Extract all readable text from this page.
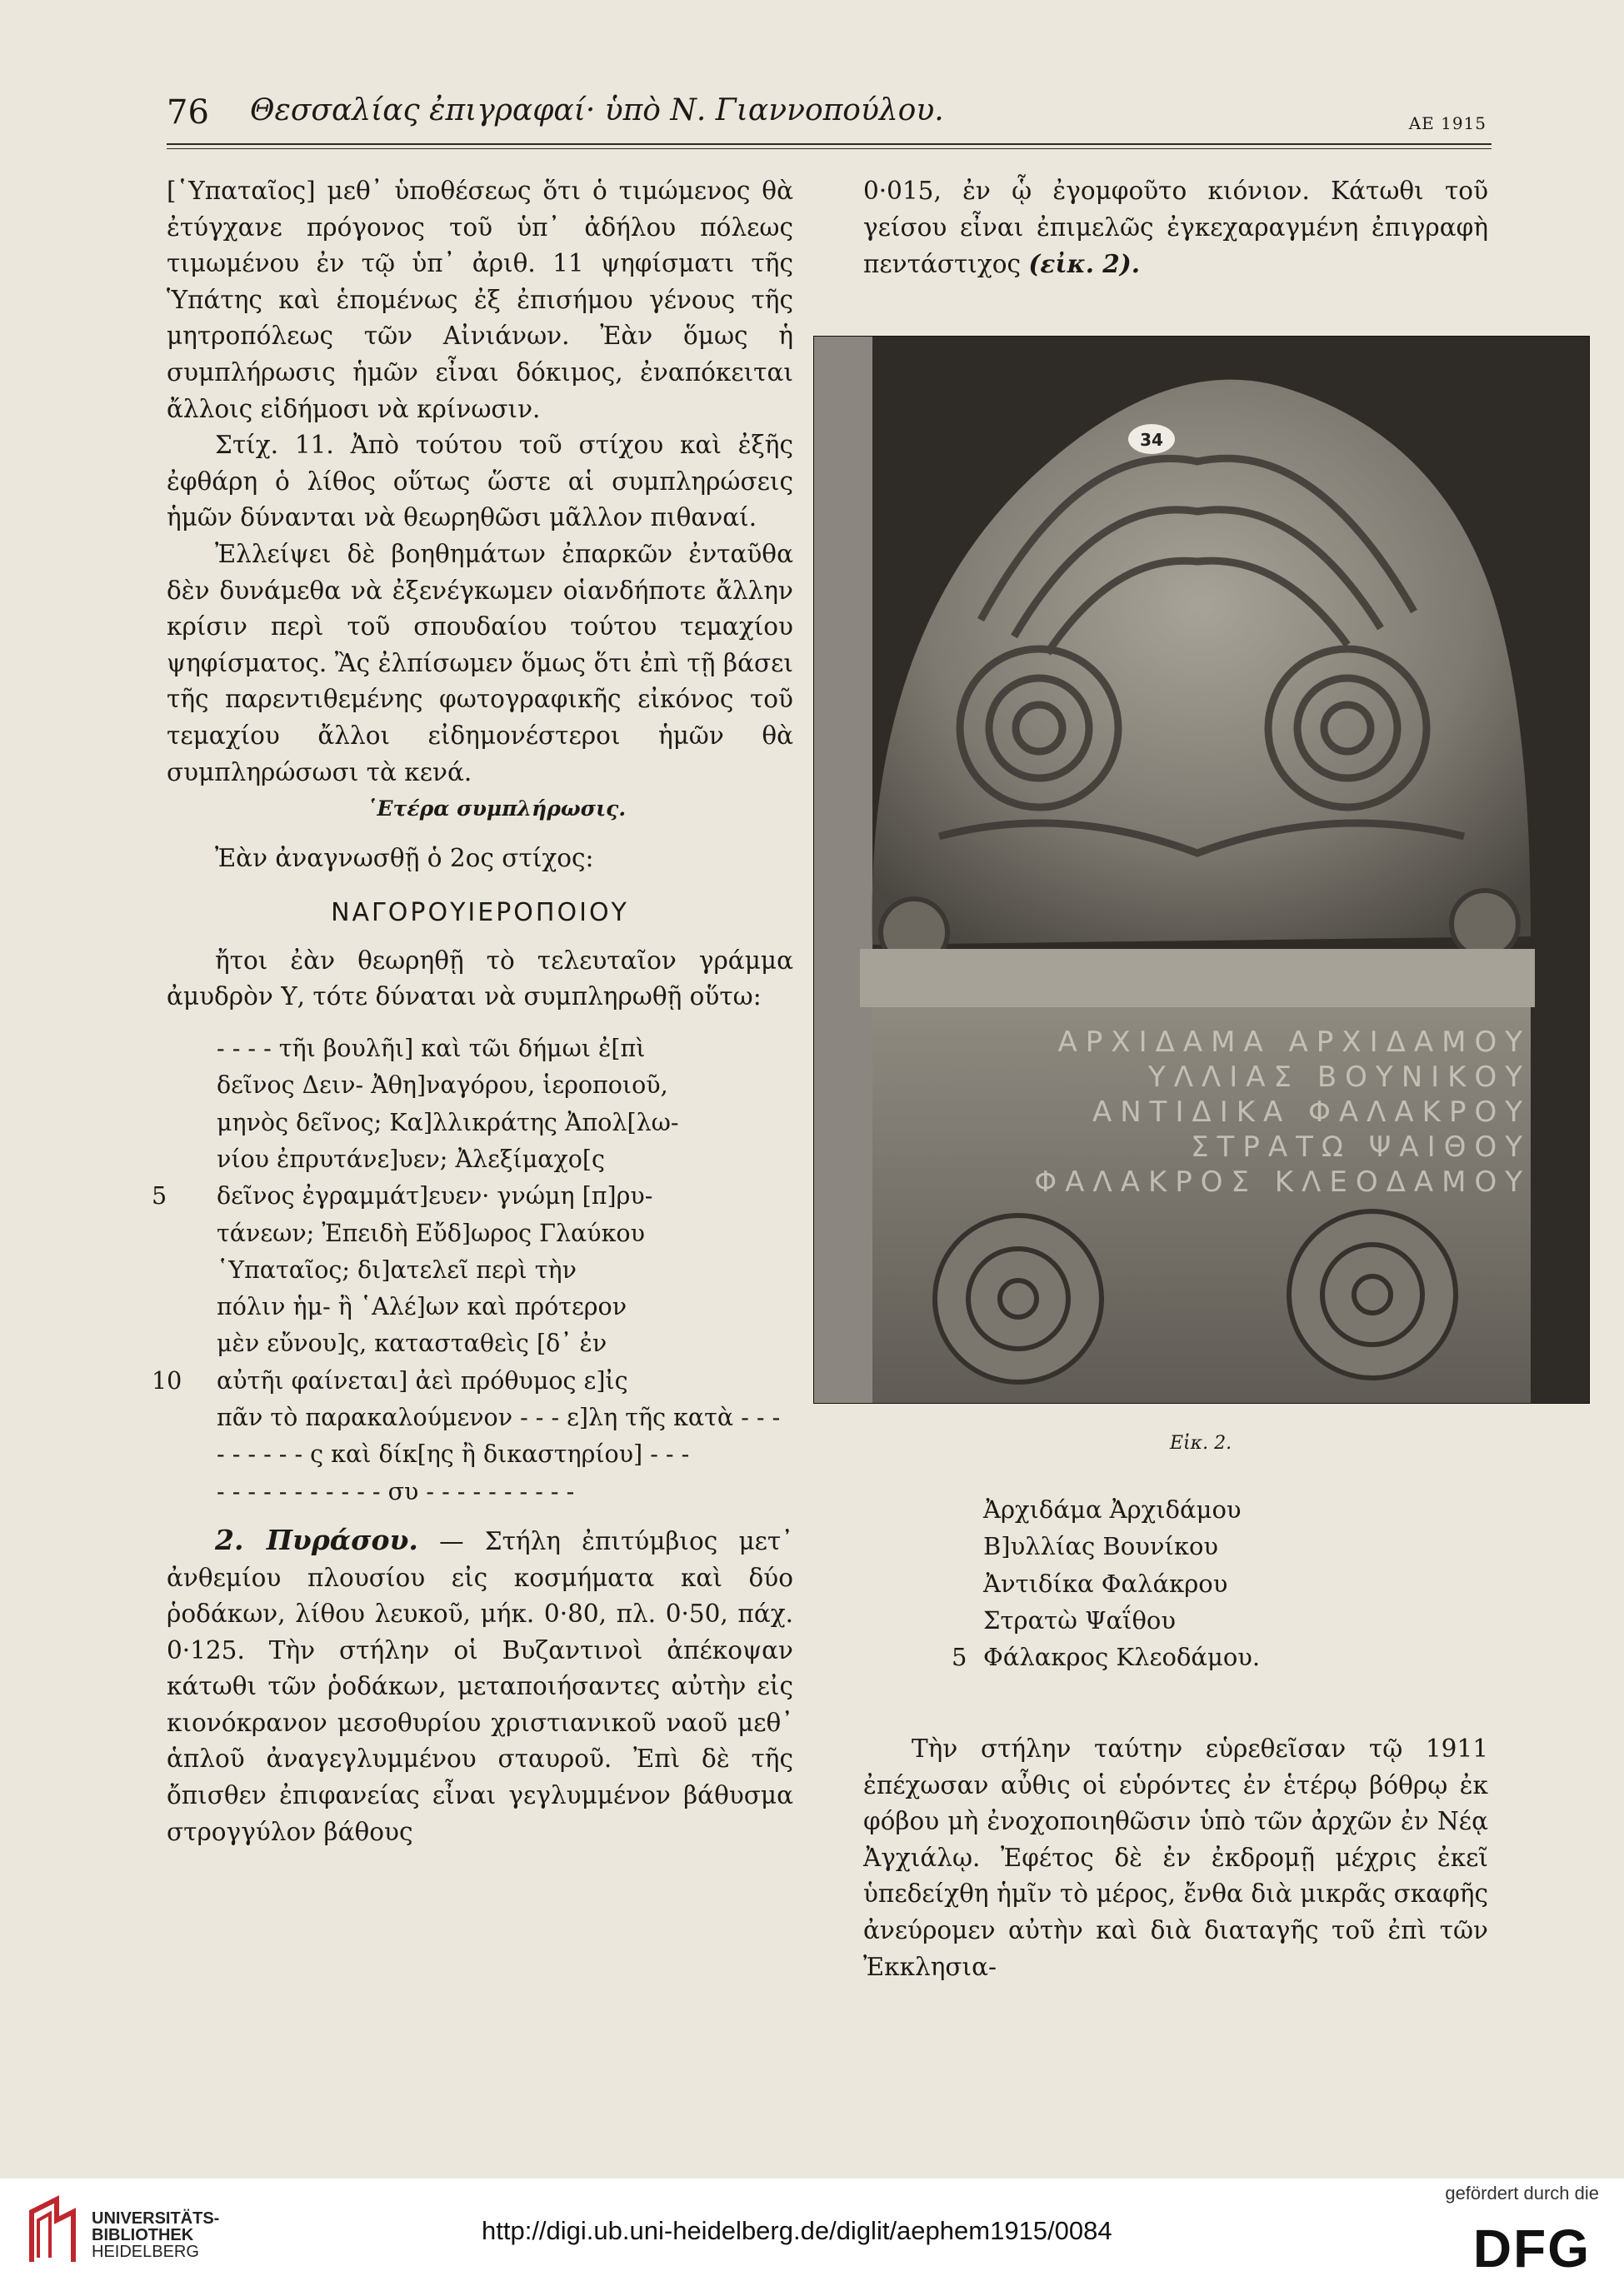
76 Θεσσαλίας ἐπιγραφαί· ὑπὸ Ν. Γιαννοπούλου.	ΑΕ 1915

[῾Υπαταῖος] μεθ᾽ ὑποθέσεως ὅτι ὁ τιμώμενος θὰ ἐτύγχανε πρόγονος τοῦ ὑπ᾽ ἀδήλου πόλεως τιμωμένου ἐν τῷ ὑπ᾽ ἀριθ. 11 ψηφίσματι τῆς Ὑπάτης καὶ ἑπομένως ἐξ ἐπισήμου γένους τῆς μητροπόλεως τῶν Αἰνιάνων. Ἐὰν ὅμως ἡ συμπλήρωσις ἡμῶν εἶναι δόκιμος, ἐναπόκειται ἄλλοις εἰδήμοσι νὰ κρίνωσιν.

Στίχ. 11. Ἀπὸ τούτου τοῦ στίχου καὶ ἐξῆς ἐφθάρη ὁ λίθος οὕτως ὥστε αἱ συμπληρώσεις ἡμῶν δύνανται νὰ θεωρηθῶσι μᾶλλον πιθαναί.

Ἐλλείψει δὲ βοηθημάτων ἐπαρκῶν ἐνταῦθα δὲν δυνάμεθα νὰ ἐξενέγκωμεν οἱανδήποτε ἄλλην κρίσιν περὶ τοῦ σπουδαίου τούτου τεμαχίου ψηφίσματος. Ἂς ἐλπίσωμεν ὅμως ὅτι ἐπὶ τῇ βάσει τῆς παρεντιθεμένης φωτογραφικῆς εἰκόνος τοῦ τεμαχίου ἄλλοι εἰδημονέστεροι ἡμῶν θὰ συμπληρώσωσι τὰ κενά.

῾Ετέρα συμπλήρωσις.

Ἐὰν ἀναγνωσθῇ ὁ 2ος στίχος:

ΝΑΓΟΡΟΥΙΕΡΟΠΟΙΟΥ

ἤτοι ἐὰν θεωρηθῇ τὸ τελευταῖον γράμμα ἀμυδρὸν Υ, τότε δύναται νὰ συμπληρωθῇ οὕτω:

- - - - τῆι βουλῆι] καὶ τῶι δήμωι ἐ[πὶ
δεῖνος Δειν- Ἀθη]ναγόρου, ἱεροποιοῦ,
μηνὸς δεῖνος; Κα]λλικράτης Ἀπολ[λω-
νίου ἐπρυτάνε]υεν; Ἀλεξίμαχο[ς
5 δεῖνος ἐγραμμάτ]ευεν· γνώμη [π]ρυ-
τάνεων; Ἐπειδὴ Εὔδ]ωρος Γλαύκου
῾Υπαταῖος; δι]ατελεῖ περὶ τὴν
πόλιν ἡμ- ἢ ῾Αλέ]ων καὶ πρότερον
μὲν εὔνου]ς, κατασταθεὶς [δ᾽ ἐν
10 αὐτῆι φαίνεται] ἀεὶ πρόθυμος ε]ἰς
πᾶν τὸ παρακαλούμενον - - - ε]λη τῆς κατὰ - - -
- - - - - - ς καὶ δίκ[ης ἢ δικαστηρίου] - - -
- - - - - - - - - - - συ - - - - - - - - - -

2. Πυράσου. — Στήλη ἐπιτύμβιος μετ᾽ ἀνθεμίου πλουσίου εἰς κοσμήματα καὶ δύο ῥοδάκων, λίθου λευκοῦ, μήκ. 0·80, πλ. 0·50, πάχ. 0·125. Τὴν στήλην οἱ Βυζαντινοὶ ἀπέκοψαν κάτωθι τῶν ῥοδάκων, μεταποιήσαντες αὐτὴν εἰς κιονόκρανον μεσοθυρίου χριστιανικοῦ ναοῦ μεθ᾽ ἁπλοῦ ἀναγεγλυμμένου σταυροῦ. Ἐπὶ δὲ τῆς ὄπισθεν ἐπιφανείας εἶναι γεγλυμμένον βάθυσμα στρογγύλον βάθους

0·015, ἐν ᾧ ἐγομφοῦτο κιόνιον. Κάτωθι τοῦ γείσου εἶναι ἐπιμελῶς ἐγκεχαραγμένη ἐπιγραφὴ πεντάστιχος (εἰκ. 2).

34
ΑΡΧΙΔΑΜΑ ΑΡΧΙΔΑΜΟΥ
ΥΛΛΙΑΣ ΒΟΥΝΙΚΟΥ
ΑΝΤΙΔΙΚΑ ΦΑΛΑΚΡΟΥ
ΣΤΡΑΤΩ ΨΑΙΘΟΥ
ΦΑΛΑΚΡΟΣ ΚΛΕΟΔΑΜΟΥ
Εἰκ. 2.
Ἀρχιδάμα Ἀρχιδάμου
Β]υλλίας Βουνίκου
Ἀντιδίκα Φαλάκρου
Στρατὼ Ψαΐθου
5 Φάλακρος Κλεοδάμου.

Τὴν στήλην ταύτην εὑρεθεῖσαν τῷ 1911 ἐπέχωσαν αὖθις οἱ εὑρόντες ἐν ἑτέρῳ βόθρῳ ἐκ φόβου μὴ ἐνοχοποιηθῶσιν ὑπὸ τῶν ἀρχῶν ἐν Νέᾳ Ἀγχιάλῳ. Ἐφέτος δὲ ἐν ἐκδρομῇ μέχρις ἐκεῖ ὑπεδείχθη ἡμῖν τὸ μέρος, ἔνθα διὰ μικρᾶς σκαφῆς ἀνεύρομεν αὐτὴν καὶ διὰ διαταγῆς τοῦ ἐπὶ τῶν Ἐκκλησια-

UNIVERSITÄTS-
BIBLIOTHEK
HEIDELBERG
http://digi.ub.uni-heidelberg.de/diglit/aephem1915/0084
gefördert durch die
DFG
